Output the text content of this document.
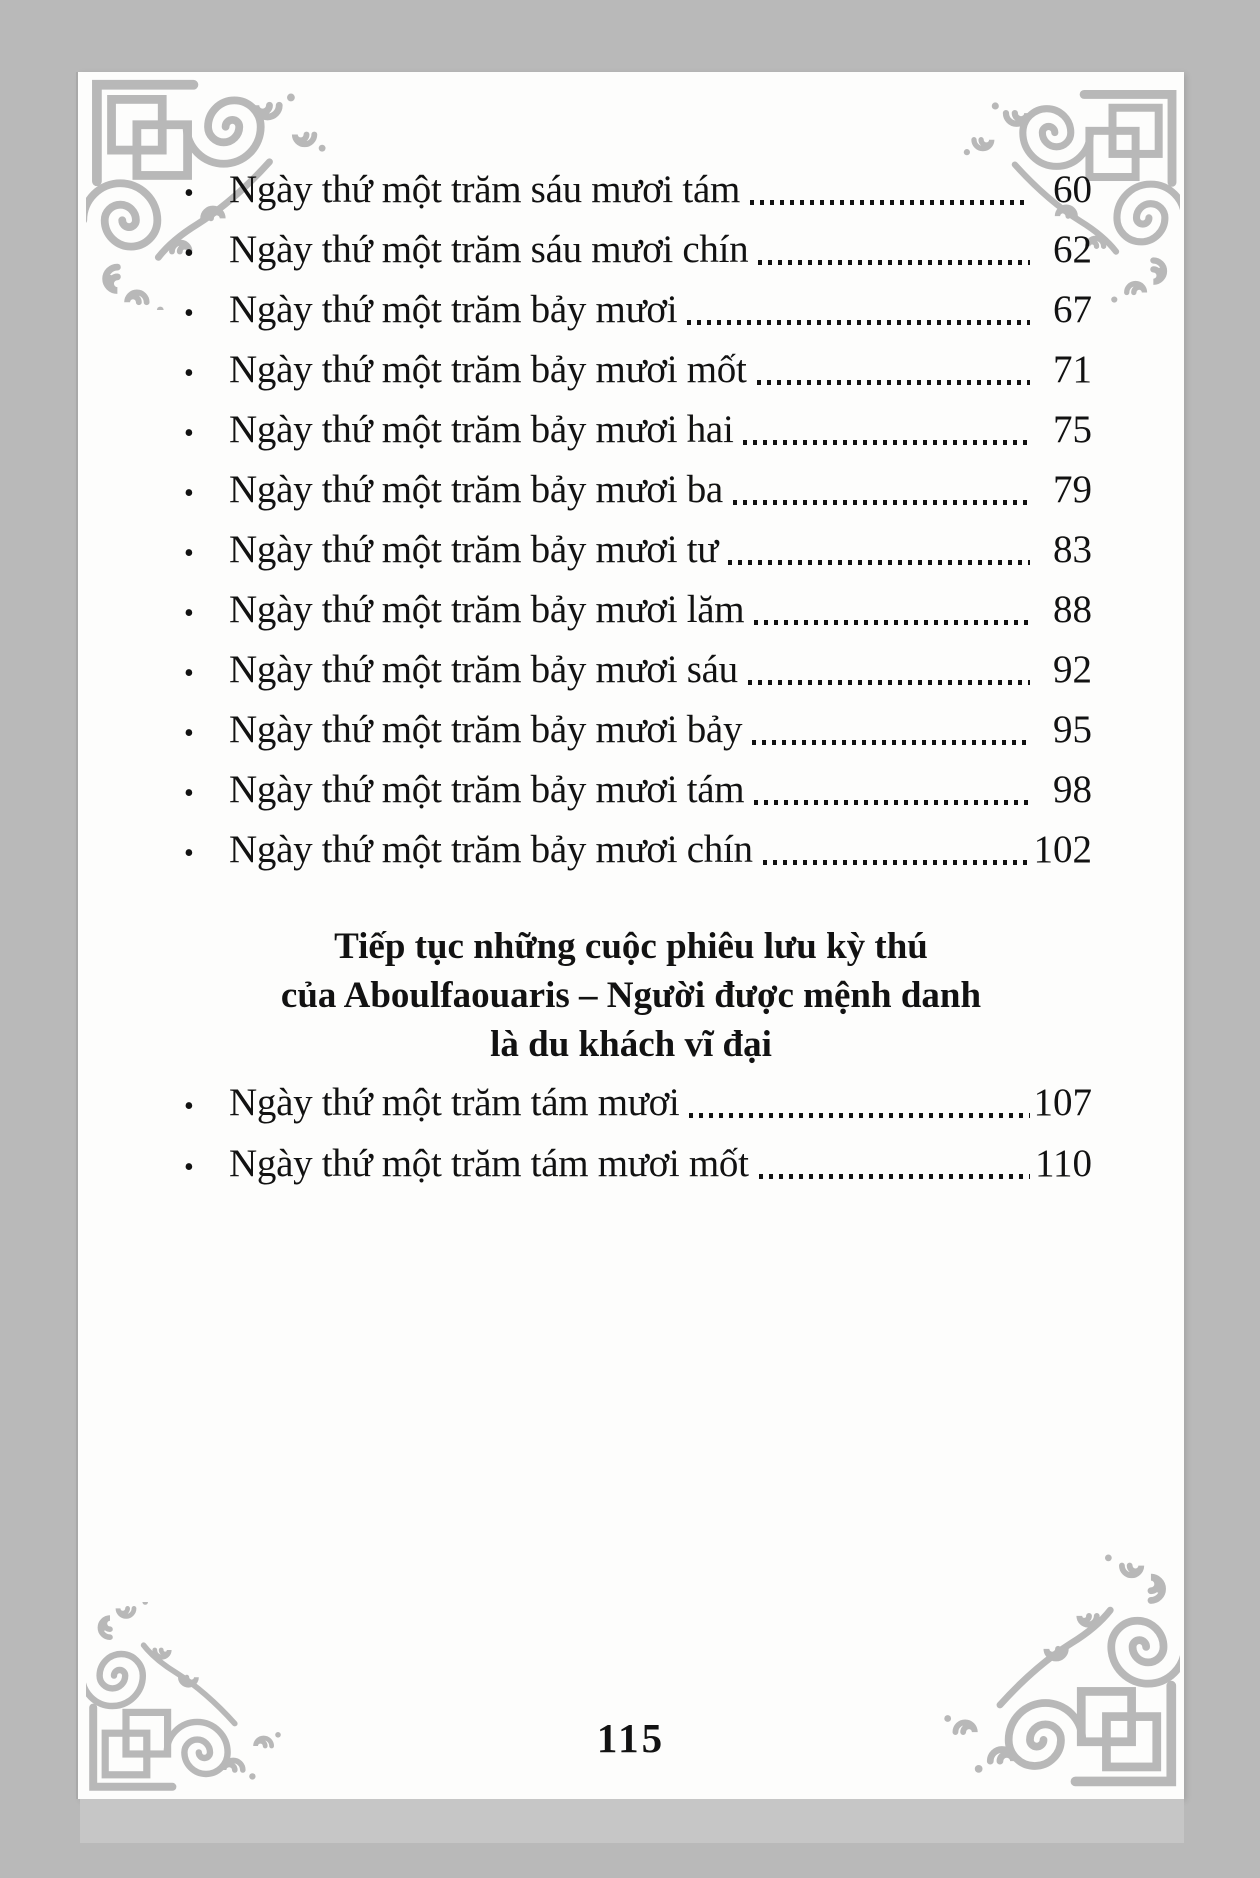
• Ngày thứ một trăm sáu mươi tám	60
• Ngày thứ một trăm sáu mươi chín	62
• Ngày thứ một trăm bảy mươi	67
• Ngày thứ một trăm bảy mươi mốt	71
• Ngày thứ một trăm bảy mươi hai	75
• Ngày thứ một trăm bảy mươi ba	79
• Ngày thứ một trăm bảy mươi tư	83
• Ngày thứ một trăm bảy mươi lăm	88
• Ngày thứ một trăm bảy mươi sáu	92
• Ngày thứ một trăm bảy mươi bảy	95
• Ngày thứ một trăm bảy mươi tám	98
• Ngày thứ một trăm bảy mươi chín	102
Tiếp tục những cuộc phiêu lưu kỳ thú
của Aboulfaouaris – Người được mệnh danh
là du khách vĩ đại
• Ngày thứ một trăm tám mươi	107
• Ngày thứ một trăm tám mươi mốt	110
115
